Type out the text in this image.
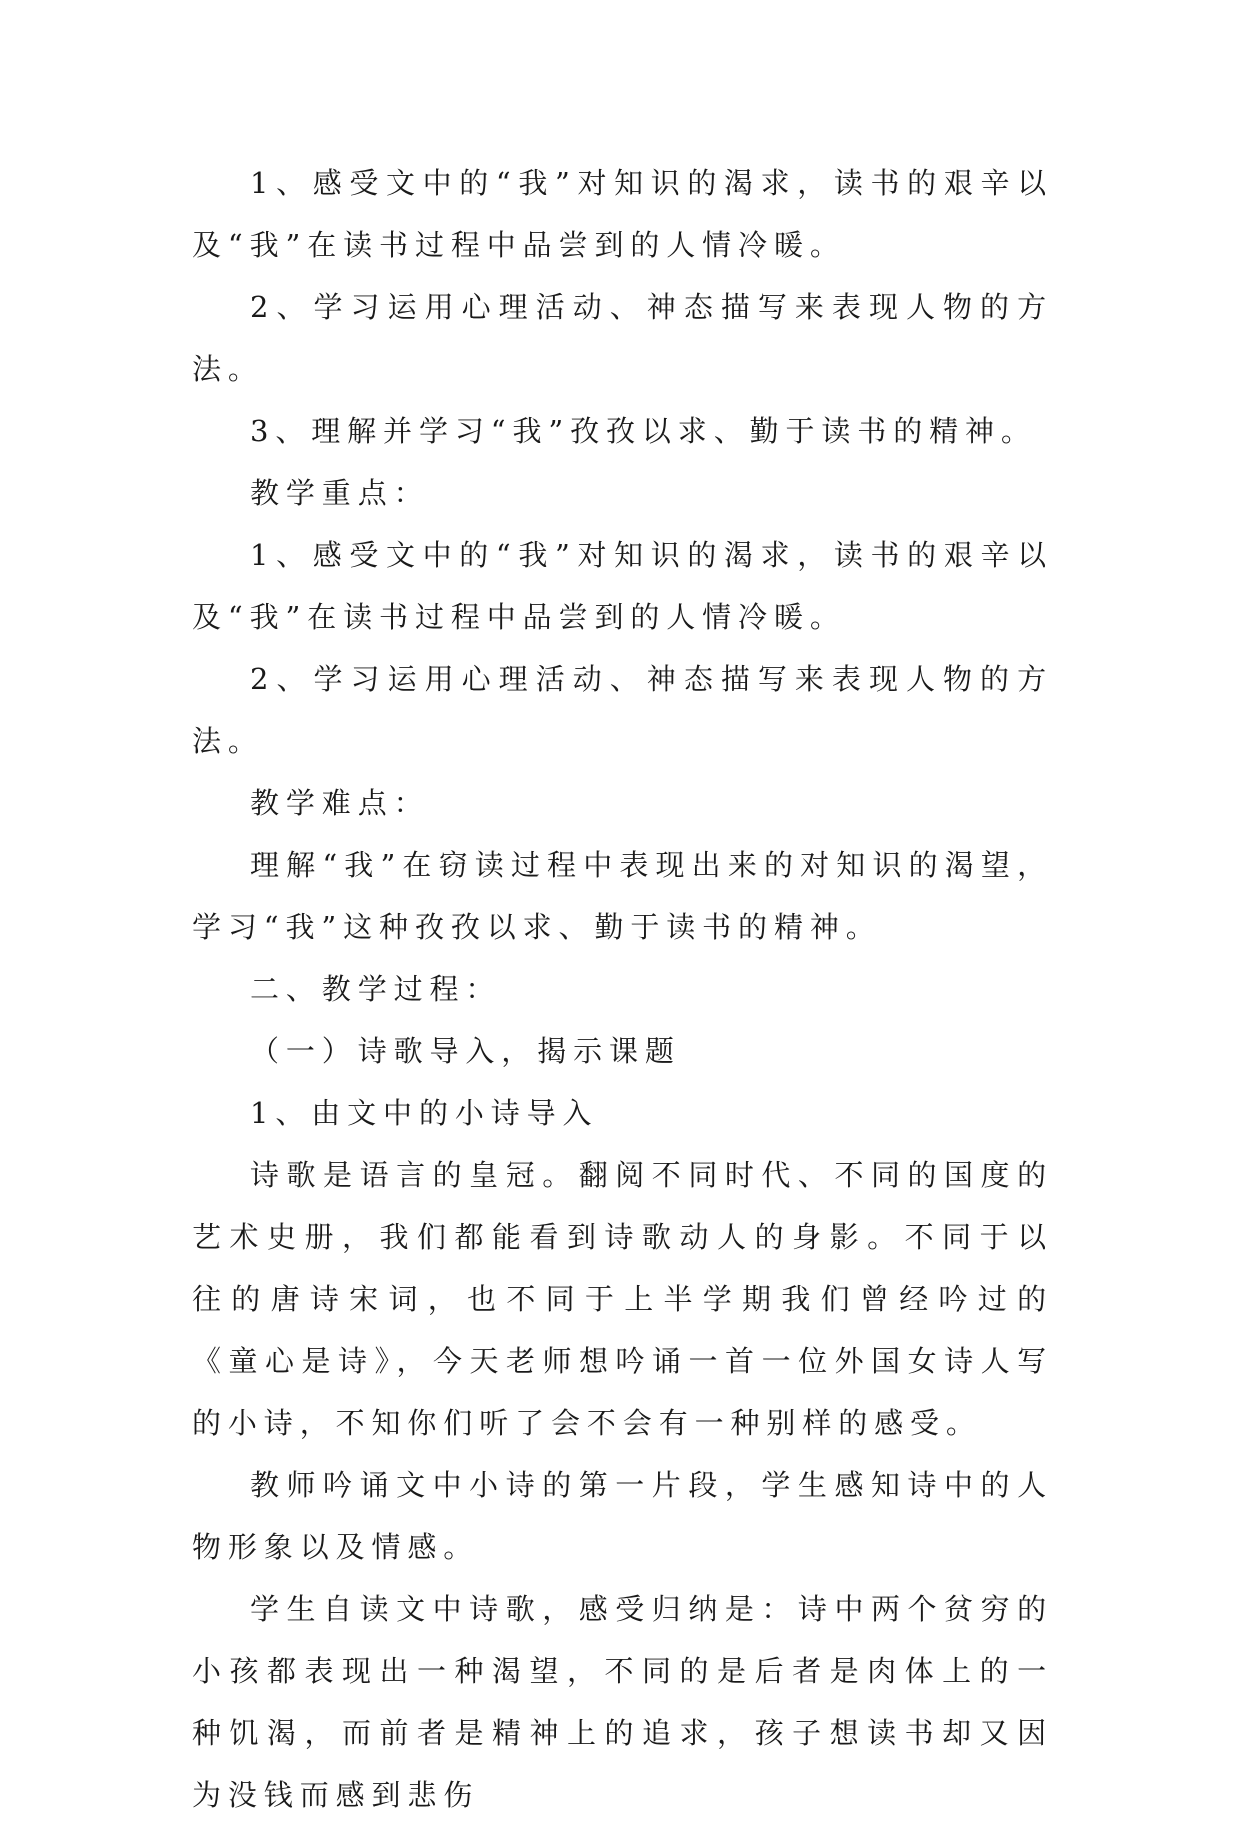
1、感受文中的“我”对知识的渴求，读书的艰辛以及“我”在读书过程中品尝到的人情冷暖。

2、学习运用心理活动、神态描写来表现人物的方法。

3、理解并学习“我”孜孜以求、勤于读书的精神。

教学重点：

1、感受文中的“我”对知识的渴求，读书的艰辛以及“我”在读书过程中品尝到的人情冷暖。

2、学习运用心理活动、神态描写来表现人物的方法。

教学难点：

理解“我”在窃读过程中表现出来的对知识的渴望，学习“我”这种孜孜以求、勤于读书的精神。

二、教学过程：

（一）诗歌导入，揭示课题

1、由文中的小诗导入

诗歌是语言的皇冠。翻阅不同时代、不同的国度的艺术史册，我们都能看到诗歌动人的身影。不同于以往的唐诗宋词，也不同于上半学期我们曾经吟过的《童心是诗》，今天老师想吟诵一首一位外国女诗人写的小诗，不知你们听了会不会有一种别样的感受。

教师吟诵文中小诗的第一片段，学生感知诗中的人物形象以及情感。

学生自读文中诗歌，感受归纳是：诗中两个贫穷的小孩都表现出一种渴望，不同的是后者是肉体上的一种饥渴，而前者是精神上的追求，孩子想读书却又因为没钱而感到悲伤
